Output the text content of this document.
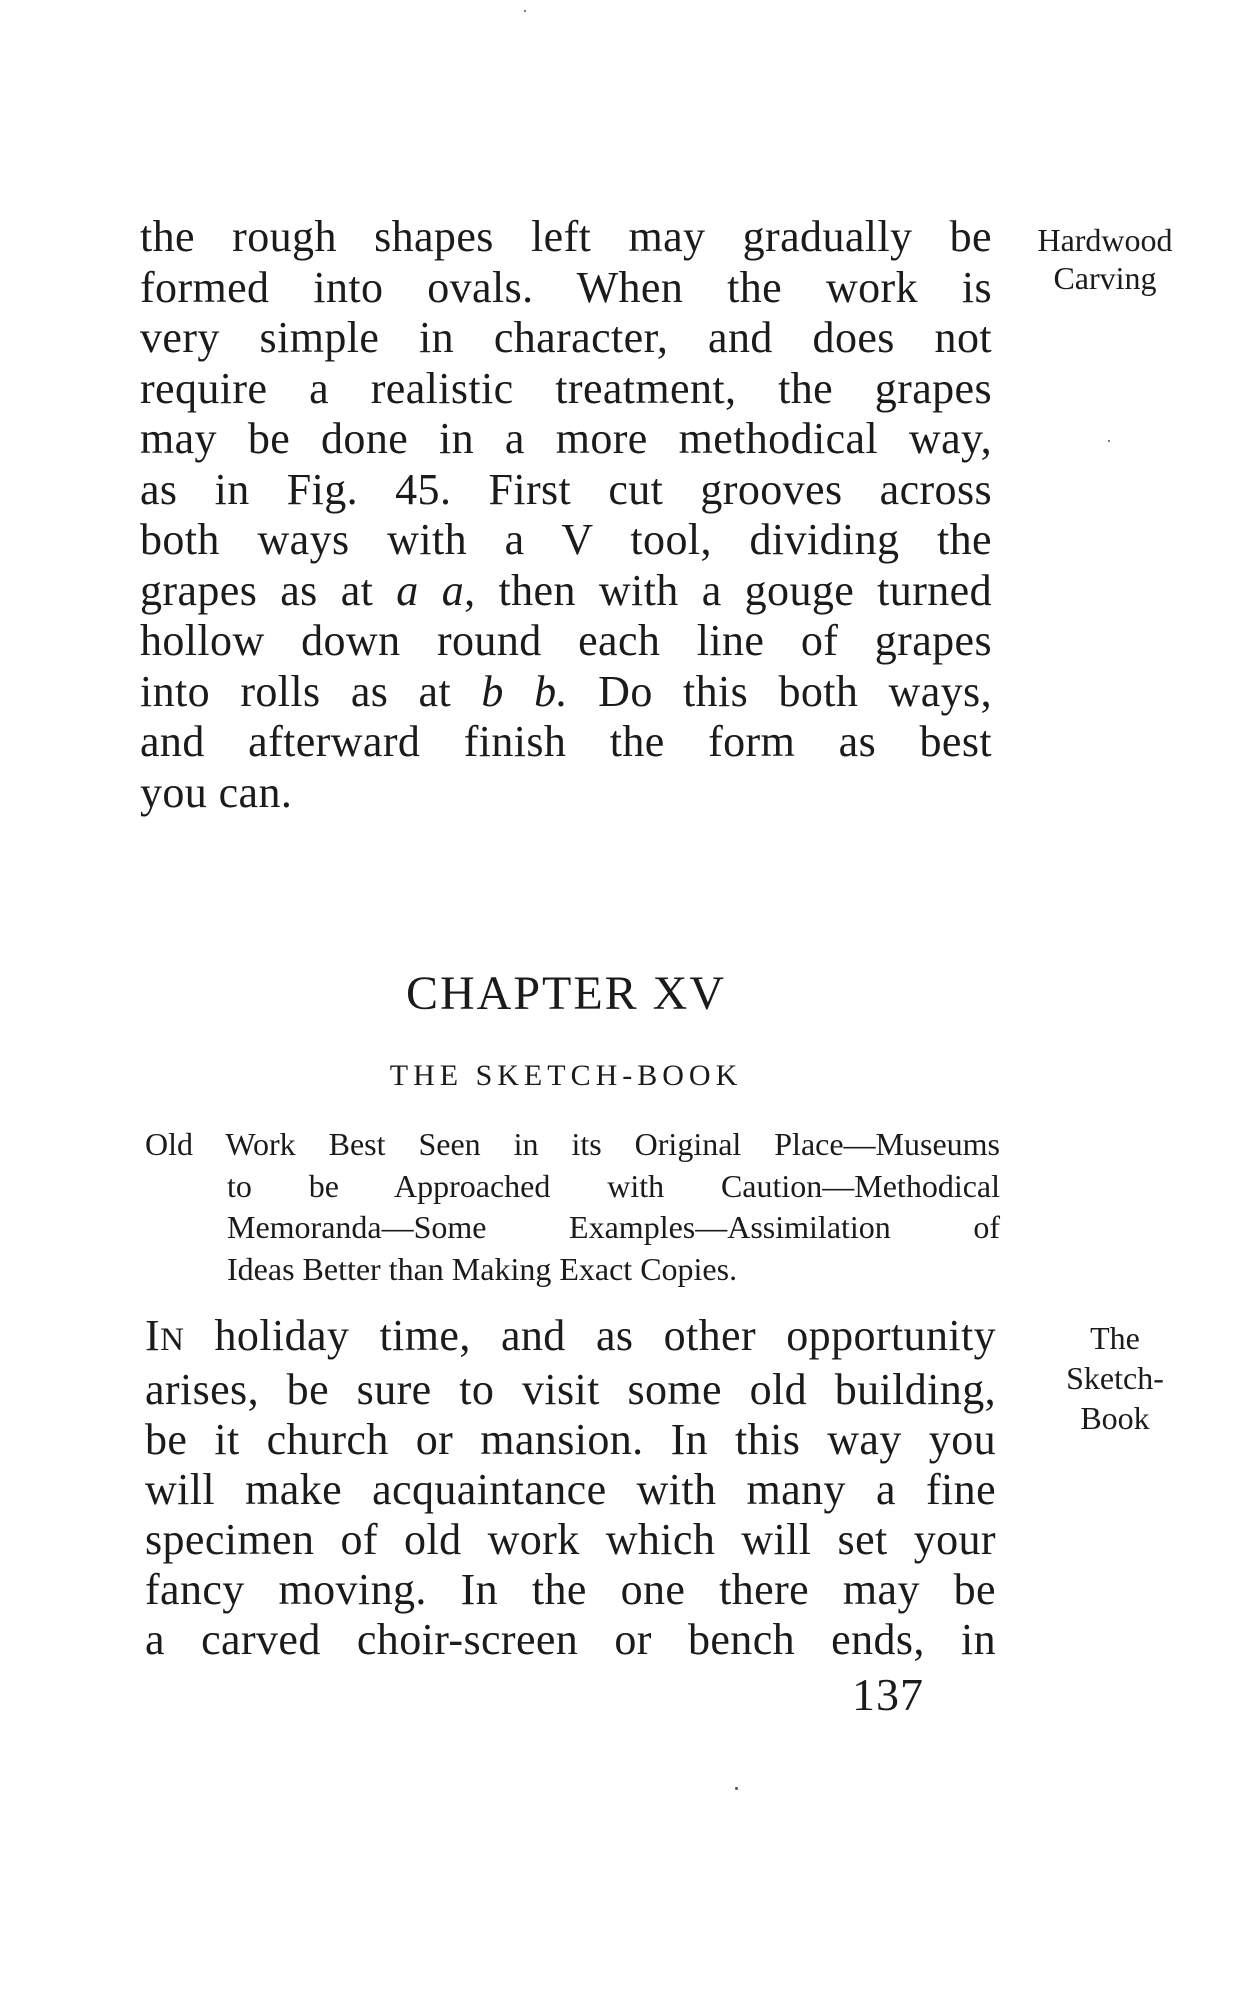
the rough shapes left may gradually be
formed into ovals. When the work is
very simple in character, and does not
require a realistic treatment, the grapes
may be done in a more methodical way,
as in Fig. 45. First cut grooves across
both ways with a V tool, dividing the
grapes as at a a, then with a gouge turned
hollow down round each line of grapes
into rolls as at b b. Do this both ways,
and afterward finish the form as best
you can.
Hardwood
Carving
CHAPTER XV
THE SKETCH-BOOK
Old Work Best Seen in its Original Place—Museums
to be Approached with Caution—Methodical
Memoranda—Some Examples—Assimilation of
Ideas Better than Making Exact Copies.
IN holiday time, and as other opportunity
arises, be sure to visit some old building,
be it church or mansion. In this way you
will make acquaintance with many a fine
specimen of old work which will set your
fancy moving. In the one there may be
a carved choir-screen or bench ends, in
The
Sketch-
Book
137
